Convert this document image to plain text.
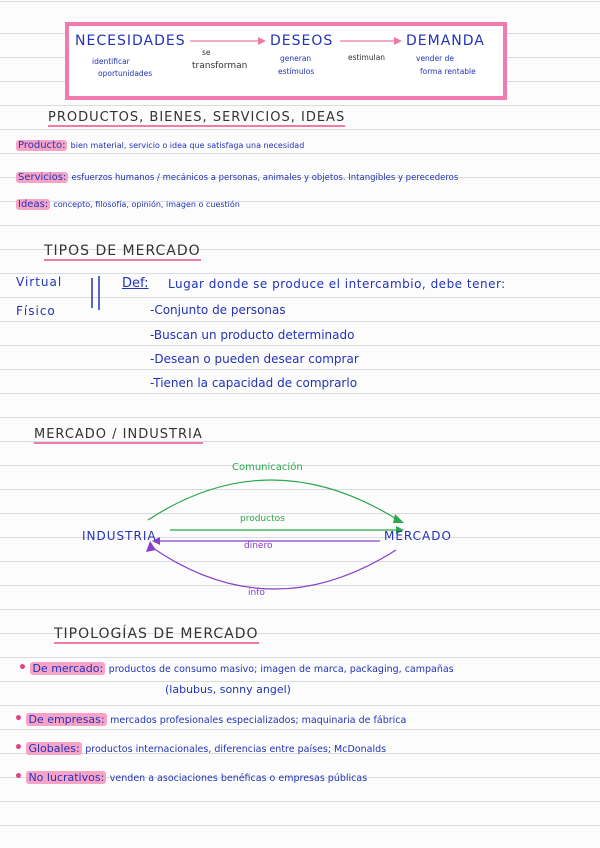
NECESIDADES
identificar
oportunidades
se
transforman
DESEOS
generan
estímulos
estimulan
DEMANDA
vender de
forma rentable
PRODUCTOS, BIENES, SERVICIOS, IDEAS
Producto: bien material, servicio o idea que satisfaga una necesidad
Servicios: esfuerzos humanos / mecánicos a personas, animales y objetos. Intangibles y perecederos
Ideas: concepto, filosofía, opinión, imagen o cuestión
TIPOS DE MERCADO
Virtual
Físico
Def: Lugar donde se produce el intercambio, debe tener:
-Conjunto de personas
-Buscan un producto determinado
-Desean o pueden desear comprar
-Tienen la capacidad de comprarlo
MERCADO / INDUSTRIA
Comunicación
productos
dinero
info
INDUSTRIA	MERCADO
TIPOLOGÍAS DE MERCADO
• De mercado: productos de consumo masivo; imagen de marca, packaging, campañas
(labubus, sonny angel)
• De empresas: mercados profesionales especializados; maquinaria de fábrica
• Globales: productos internacionales, diferencias entre países; McDonalds
• No lucrativos: venden a asociaciones benéficas o empresas públicas
